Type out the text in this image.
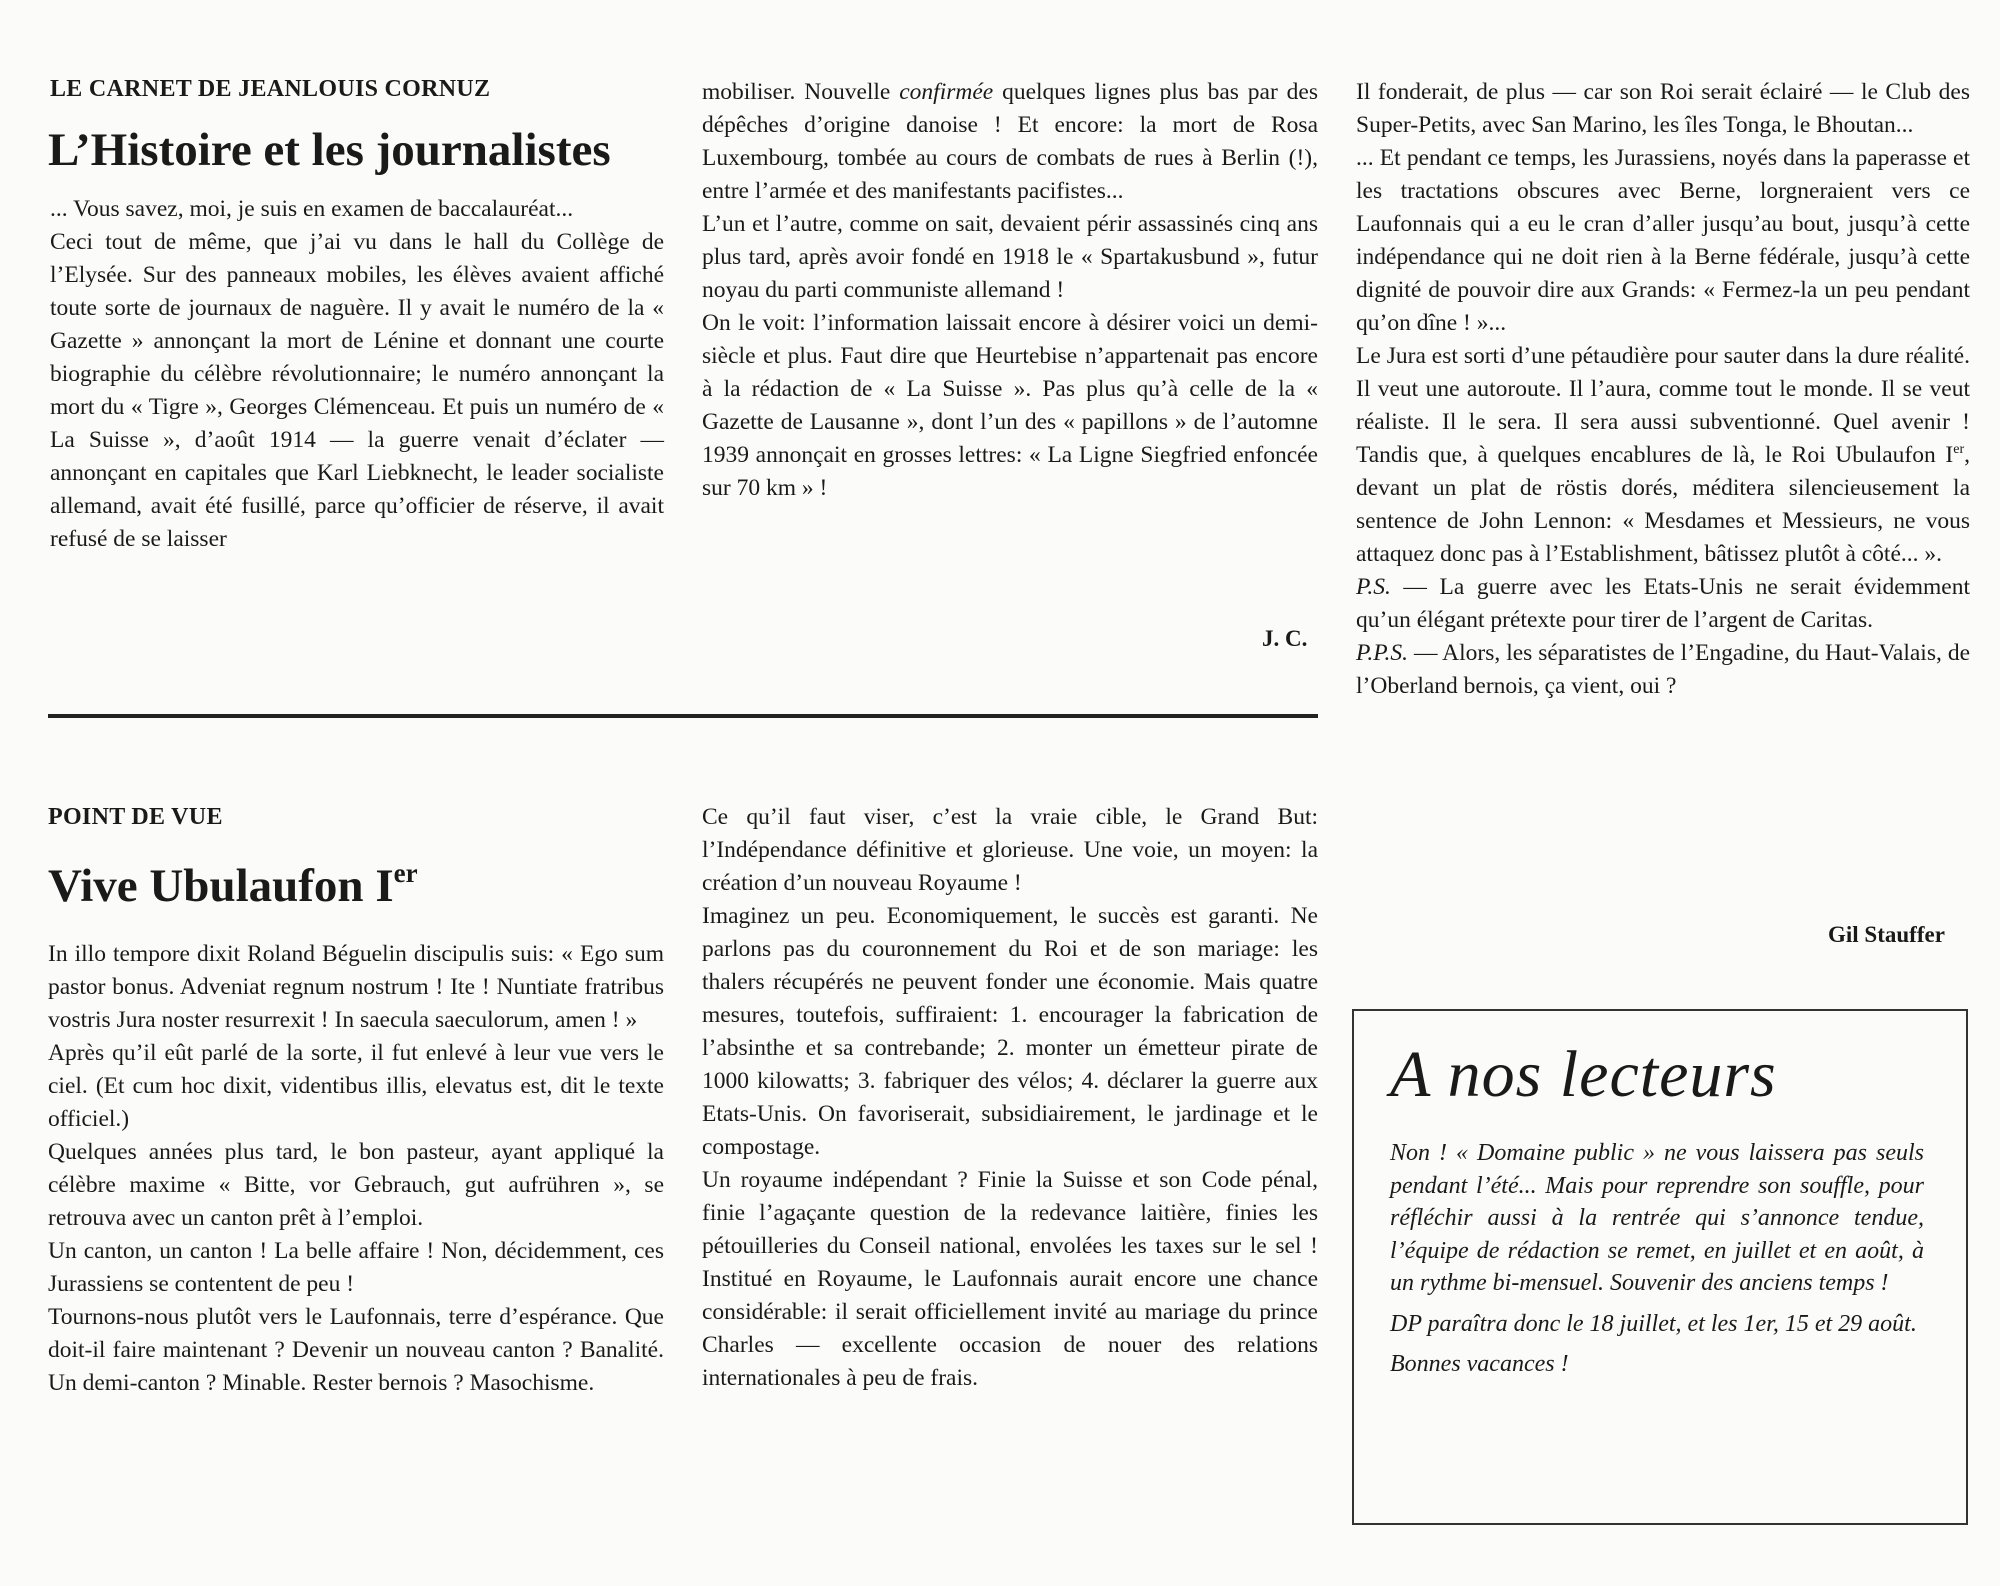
LE CARNET DE JEANLOUIS CORNUZ
L’Histoire et les journalistes

... Vous savez, moi, je suis en examen de baccalauréat...

Ceci tout de même, que j’ai vu dans le hall du Collège de l’Elysée. Sur des panneaux mobiles, les élèves avaient affiché toute sorte de journaux de naguère. Il y avait le numéro de la « Gazette » annonçant la mort de Lénine et donnant une courte biographie du célèbre révolutionnaire; le numéro annonçant la mort du « Tigre », Georges Clémenceau. Et puis un numéro de « La Suisse », d’août 1914 — la guerre venait d’éclater — annonçant en capitales que Karl Liebknecht, le leader socialiste allemand, avait été fusillé, parce qu’officier de réserve, il avait refusé de se laisser

mobiliser. Nouvelle confirmée quelques lignes plus bas par des dépêches d’origine danoise ! Et encore: la mort de Rosa Luxembourg, tombée au cours de combats de rues à Berlin (!), entre l’armée et des manifestants pacifistes...

L’un et l’autre, comme on sait, devaient périr assassinés cinq ans plus tard, après avoir fondé en 1918 le « Spartakusbund », futur noyau du parti communiste allemand !

On le voit: l’information laissait encore à désirer voici un demi-siècle et plus. Faut dire que Heurtebise n’appartenait pas encore à la rédaction de « La Suisse ». Pas plus qu’à celle de la « Gazette de Lausanne », dont l’un des « papillons » de l’automne 1939 annonçait en grosses lettres: « La Ligne Siegfried enfoncée sur 70 km » !

J. C.
POINT DE VUE
Vive Ubulaufon Ier

In illo tempore dixit Roland Béguelin discipulis suis: « Ego sum pastor bonus. Adveniat regnum nostrum ! Ite ! Nuntiate fratribus vostris Jura noster resurrexit ! In saecula saeculorum, amen ! »

Après qu’il eût parlé de la sorte, il fut enlevé à leur vue vers le ciel. (Et cum hoc dixit, videntibus illis, elevatus est, dit le texte officiel.)

Quelques années plus tard, le bon pasteur, ayant appliqué la célèbre maxime « Bitte, vor Gebrauch, gut aufrühren », se retrouva avec un canton prêt à l’emploi.

Un canton, un canton ! La belle affaire ! Non, décidemment, ces Jurassiens se contentent de peu !

Tournons-nous plutôt vers le Laufonnais, terre d’espérance. Que doit-il faire maintenant ? Devenir un nouveau canton ? Banalité. Un demi-canton ? Minable. Rester bernois ? Masochisme.

Ce qu’il faut viser, c’est la vraie cible, le Grand But: l’Indépendance définitive et glorieuse. Une voie, un moyen: la création d’un nouveau Royaume !

Imaginez un peu. Economiquement, le succès est garanti. Ne parlons pas du couronnement du Roi et de son mariage: les thalers récupérés ne peuvent fonder une économie. Mais quatre mesures, toutefois, suffiraient: 1. encourager la fabrication de l’absinthe et sa contrebande; 2. monter un émetteur pirate de 1000 kilowatts; 3. fabriquer des vélos; 4. déclarer la guerre aux Etats-Unis. On favoriserait, subsidiairement, le jardinage et le compostage.

Un royaume indépendant ? Finie la Suisse et son Code pénal, finie l’agaçante question de la redevance laitière, finies les pétouilleries du Conseil national, envolées les taxes sur le sel ! Institué en Royaume, le Laufonnais aurait encore une chance considérable: il serait officiellement invité au mariage du prince Charles — excellente occasion de nouer des relations internationales à peu de frais.

Il fonderait, de plus — car son Roi serait éclairé — le Club des Super-Petits, avec San Marino, les îles Tonga, le Bhoutan...

... Et pendant ce temps, les Jurassiens, noyés dans la paperasse et les tractations obscures avec Berne, lorgneraient vers ce Laufonnais qui a eu le cran d’aller jusqu’au bout, jusqu’à cette indépendance qui ne doit rien à la Berne fédérale, jusqu’à cette dignité de pouvoir dire aux Grands: « Fermez-la un peu pendant qu’on dîne ! »...

Le Jura est sorti d’une pétaudière pour sauter dans la dure réalité. Il veut une autoroute. Il l’aura, comme tout le monde. Il se veut réaliste. Il le sera. Il sera aussi subventionné. Quel avenir ! Tandis que, à quelques encablures de là, le Roi Ubulaufon Ier, devant un plat de röstis dorés, méditera silencieusement la sentence de John Lennon: « Mesdames et Messieurs, ne vous attaquez donc pas à l’Establishment, bâtissez plutôt à côté... ».

P.S. — La guerre avec les Etats-Unis ne serait évidemment qu’un élégant prétexte pour tirer de l’argent de Caritas.

P.P.S. — Alors, les séparatistes de l’Engadine, du Haut-Valais, de l’Oberland bernois, ça vient, oui ?

Gil Stauffer
A nos lecteurs

Non ! « Domaine public » ne vous laissera pas seuls pendant l’été... Mais pour reprendre son souffle, pour réfléchir aussi à la rentrée qui s’annonce tendue, l’équipe de rédaction se remet, en juillet et en août, à un rythme bi-mensuel. Souvenir des anciens temps !

DP paraîtra donc le 18 juillet, et les 1er, 15 et 29 août.

Bonnes vacances !
